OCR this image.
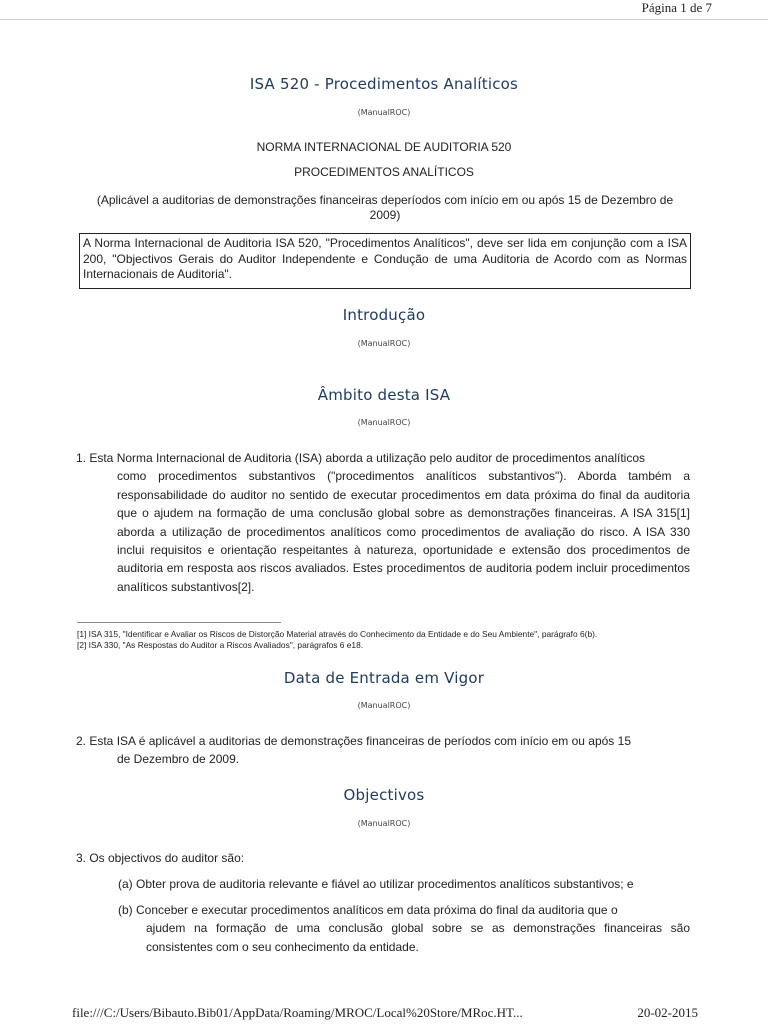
Página 1 de 7
ISA 520 - Procedimentos Analíticos
(ManualROC)
NORMA INTERNACIONAL DE AUDITORIA 520
PROCEDIMENTOS ANALÍTICOS
(Aplicável a auditorias de demonstrações financeiras deperíodos com início em ou após 15 de Dezembro de 2009)
A Norma Internacional de Auditoria ISA 520, "Procedimentos Analíticos", deve ser lida em conjunção com a ISA 200, "Objectivos Gerais do Auditor Independente e Condução de uma Auditoria de Acordo com as Normas Internacionais de Auditoria".
Introdução
(ManualROC)
Âmbito desta ISA
(ManualROC)
1. Esta Norma Internacional de Auditoria (ISA) aborda a utilização pelo auditor de procedimentos analíticos
como procedimentos substantivos ("procedimentos analíticos substantivos"). Aborda também a responsabilidade do auditor no sentido de executar procedimentos em data próxima do final da auditoria que o ajudem na formação de uma conclusão global sobre as demonstrações financeiras. A ISA 315[1] aborda a utilização de procedimentos analíticos como procedimentos de avaliação do risco. A ISA 330 inclui requisitos e orientação respeitantes à natureza, oportunidade e extensão dos procedimentos de auditoria em resposta aos riscos avaliados. Estes procedimentos de auditoria podem incluir procedimentos analíticos substantivos[2].
[1] ISA 315, "Identificar e Avaliar os Riscos de Distorção Material através do Conhecimento da Entidade e do Seu Ambiente", parágrafo 6(b).
[2] ISA 330, "As Respostas do Auditor a Riscos Avaliados", parágrafos 6 e18.
Data de Entrada em Vigor
(ManualROC)
2. Esta ISA é aplicável a auditorias de demonstrações financeiras de períodos com início em ou após 15
de Dezembro de 2009.
Objectivos
(ManualROC)
3. Os objectivos do auditor são:
(a) Obter prova de auditoria relevante e fiável ao utilizar procedimentos analíticos substantivos; e
(b) Conceber e executar procedimentos analíticos em data próxima do final da auditoria que o
ajudem na formação de uma conclusão global sobre se as demonstrações financeiras são consistentes com o seu conhecimento da entidade.
file:///C:/Users/Bibauto.Bib01/AppData/Roaming/MROC/Local%20Store/MRoc.HT...	20-02-2015
